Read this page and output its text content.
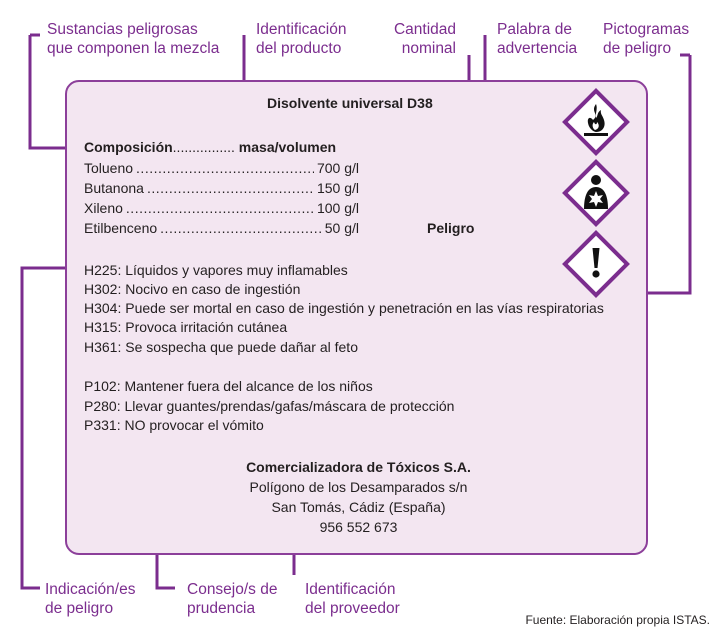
Sustancias peligrosas
que componen la mezcla
Identificación
del producto
Cantidad
nominal
Palabra de
advertencia
Pictogramas
de peligro
Indicación/es
de peligro
Consejo/s de
prudencia
Identificación
del proveedor
Disolvente universal D38
Composición................ masa/volumen
Tolueno .....	700 g/l
Butanona .....	150 g/l
Xileno .....	100 g/l
Etilbenceno .....	50 g/l	Peligro
H225: Líquidos y vapores muy inflamables
H302: Nocivo en caso de ingestión
H304: Puede ser mortal en caso de ingestión y penetración en las vías respiratorias
H315: Provoca irritación cutánea
H361: Se sospecha que puede dañar al feto
P102: Mantener fuera del alcance de los niños
P280: Llevar guantes/prendas/gafas/máscara de protección
P331: NO provocar el vómito
Comercializadora de Tóxicos S.A.
Polígono de los Desamparados s/n
San Tomás, Cádiz (España)
956 552 673
Fuente: Elaboración propia ISTAS.
